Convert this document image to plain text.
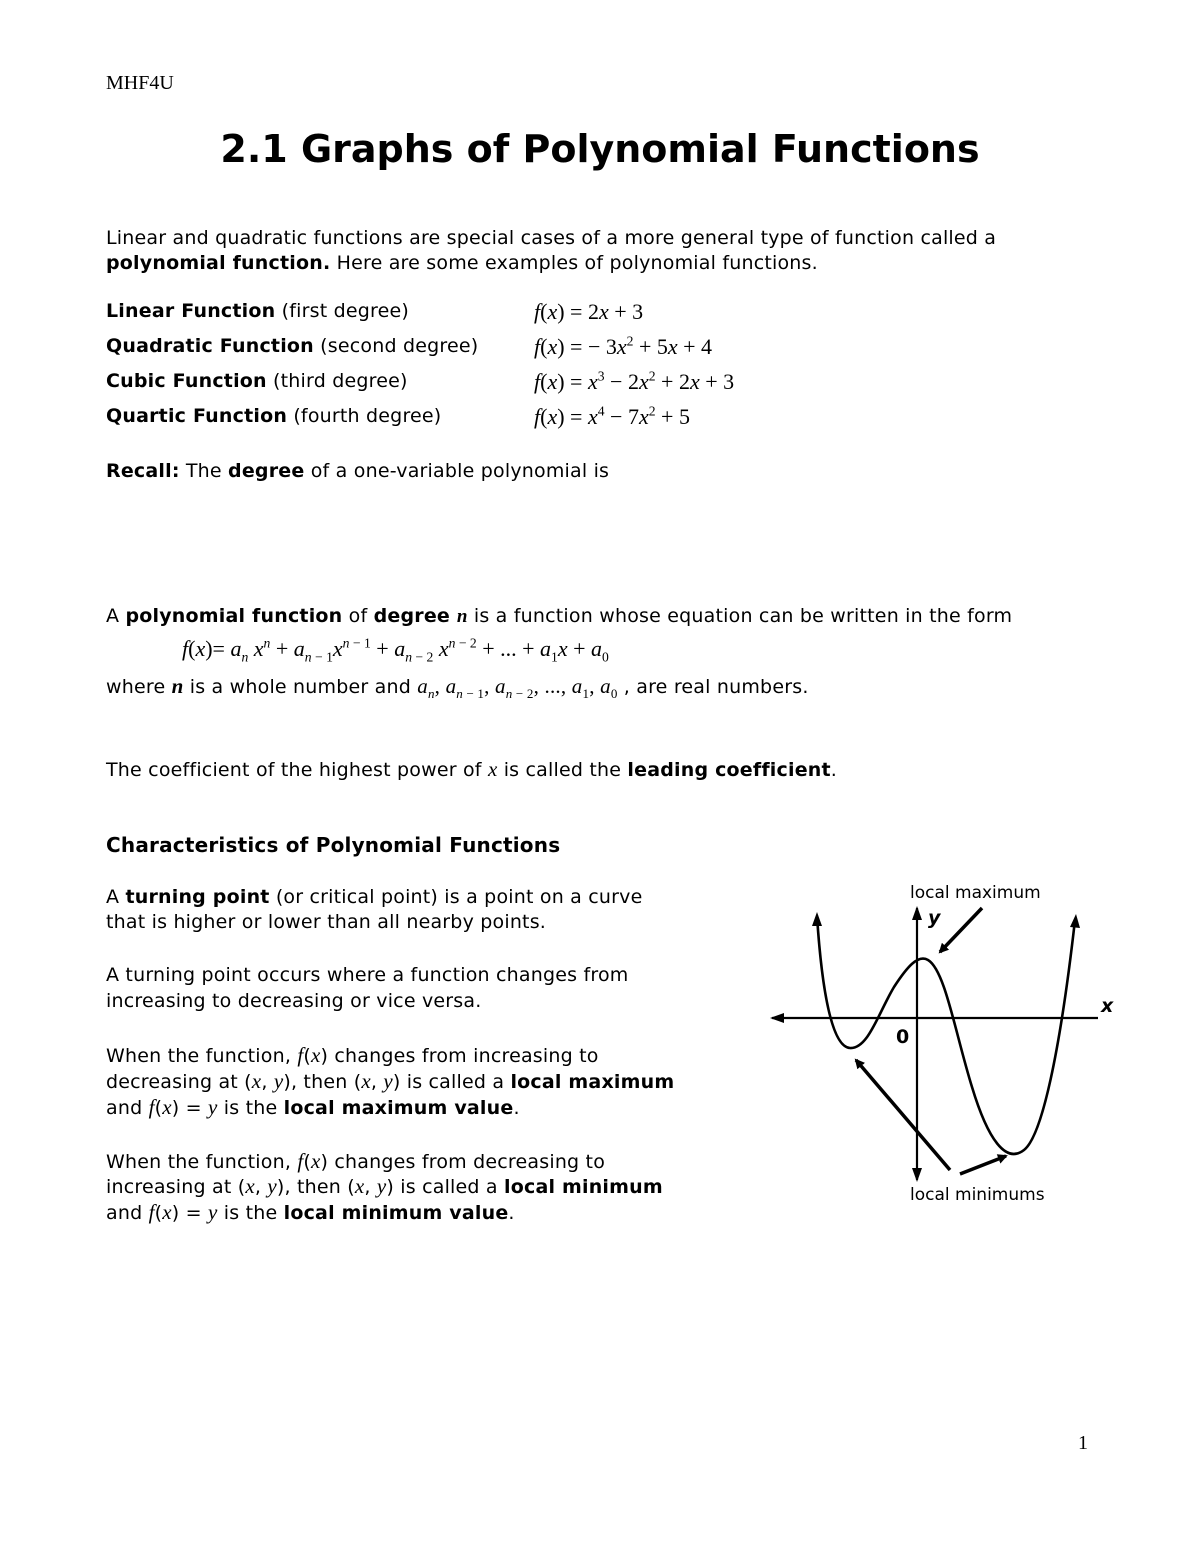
MHF4U
2.1 Graphs of Polynomial Functions
Linear and quadratic functions are special cases of a more general type of function called a
polynomial function. Here are some examples of polynomial functions.
Linear Function (first degree)	f(x) = 2x + 3
Quadratic Function (second degree)	f(x) = − $3x^2 + 5x + 4$
Cubic Function (third degree)	$f(x) = x^3 - 2x^2 + 2x + 3$
Quartic Function (fourth degree)	$f(x) = x^4 - 7x^2 + 5$
Recall: The degree of a one-variable polynomial is
A polynomial function of degree n is a function whose equation can be written in the form
$f(x)= a_n$ $x^n + a_{n - 1}x^{n - 1} + a_{n - 2}$ $x^{n - 2}$ + ... + $a_1x + a_0$
where n is a whole number and $a_n$, $a_{n - 1}$, $a_{n - 2}$, ..., $a_1$, $a_0$ , are real numbers.
The coefficient of the highest power of x is called the leading coefficient.
Characteristics of Polynomial Functions
A turning point (or critical point) is a point on a curve
that is higher or lower than all nearby points.
A turning point occurs where a function changes from
increasing to decreasing or vice versa.
When the function, f(x) changes from increasing to
decreasing at (x, y), then (x, y) is called a local maximum
and f(x) = y is the local maximum value.
When the function, f(x) changes from decreasing to
increasing at (x, y), then (x, y) is called a local minimum
and f(x) = y is the local minimum value.
x
y
0
local maximum
local minimums
1
